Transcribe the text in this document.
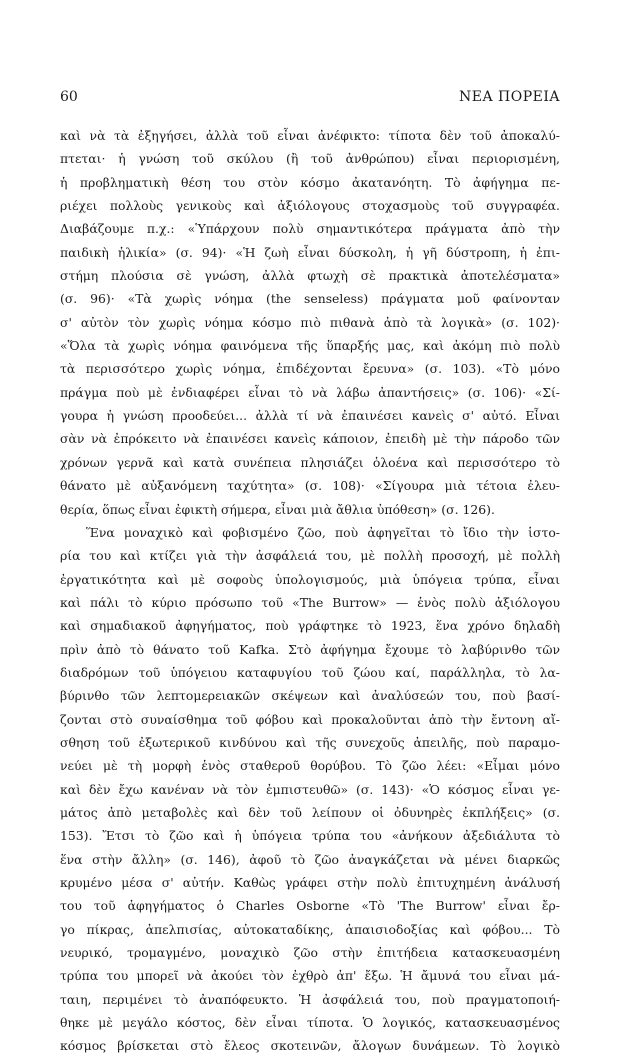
60	ΝΕΑ ΠΟΡΕΙΑ
καὶ νὰ τὰ ἐξηγήσει, ἀλλὰ τοῦ εἶναι ἀνέφικτο: τίποτα δὲν τοῦ ἀποκαλύ-
πτεται· ἡ γνώση τοῦ σκύλου (ἢ τοῦ ἀνθρώπου) εἶναι περιορισμένη,
ἡ προβληματικὴ θέση του στὸν κόσμο ἀκατανόητη. Τὸ ἀφήγημα πε-
ριέχει πολλοὺς γενικοὺς καὶ ἀξιόλογους στοχασμοὺς τοῦ συγγραφέα.
Διαβάζουμε π.χ.: «Ὑπάρχουν πολὺ σημαντικότερα πράγματα ἀπὸ τὴν
παιδικὴ ἡλικία» (σ. 94)· «Ἡ ζωὴ εἶναι δύσκολη, ἡ γῆ δύστροπη, ἡ ἐπι-
στήμη πλούσια σὲ γνώση, ἀλλὰ φτωχὴ σὲ πρακτικὰ ἀποτελέσματα»
(σ. 96)· «Τὰ χωρὶς νόημα (the senseless) πράγματα μοῦ φαίνονταν
σ' αὐτὸν τὸν χωρὶς νόημα κόσμο πιὸ πιθανὰ ἀπὸ τὰ λογικὰ» (σ. 102)·
«Ὅλα τὰ χωρὶς νόημα φαινόμενα τῆς ὕπαρξής μας, καὶ ἀκόμη πιὸ πολὺ
τὰ περισσότερο χωρὶς νόημα, ἐπιδέχονται ἔρευνα» (σ. 103). «Τὸ μόνο
πράγμα ποὺ μὲ ἐνδιαφέρει εἶναι τὸ νὰ λάβω ἀπαντήσεις» (σ. 106)· «Σί-
γουρα ἡ γνώση προοδεύει... ἀλλὰ τί νὰ ἐπαινέσει κανεὶς σ' αὐτό. Εἶναι
σὰν νὰ ἐπρόκειτο νὰ ἐπαινέσει κανεὶς κάποιον, ἐπειδὴ μὲ τὴν πάροδο τῶν
χρόνων γερνᾶ καὶ κατὰ συνέπεια πλησιάζει ὁλοένα καὶ περισσότερο τὸ
θάνατο μὲ αὐξανόμενη ταχύτητα» (σ. 108)· «Σίγουρα μιὰ τέτοια ἐλευ-
θερία, ὅπως εἶναι ἐφικτὴ σήμερα, εἶναι μιὰ ἄθλια ὑπόθεση» (σ. 126).
Ἕνα μοναχικὸ καὶ φοβισμένο ζῶο, ποὺ ἀφηγεῖται τὸ ἴδιο τὴν ἱστο-
ρία του καὶ κτίζει γιὰ τὴν ἀσφάλειά του, μὲ πολλὴ προσοχή, μὲ πολλὴ
ἐργατικότητα καὶ μὲ σοφοὺς ὑπολογισμούς, μιὰ ὑπόγεια τρύπα, εἶναι
καὶ πάλι τὸ κύριο πρόσωπο τοῦ «The Burrow» — ἑνὸς πολὺ ἀξιόλογου
καὶ σημαδιακοῦ ἀφηγήματος, ποὺ γράφτηκε τὸ 1923, ἕνα χρόνο δηλαδὴ
πρὶν ἀπὸ τὸ θάνατο τοῦ Kafka. Στὸ ἀφήγημα ἔχουμε τὸ λαβύρινθο τῶν
διαδρόμων τοῦ ὑπόγειου καταφυγίου τοῦ ζώου καί, παράλληλα, τὸ λα-
βύρινθο τῶν λεπτομερειακῶν σκέψεων καὶ ἀναλύσεών του, ποὺ βασί-
ζονται στὸ συναίσθημα τοῦ φόβου καὶ προκαλοῦνται ἀπὸ τὴν ἔντονη αἴ-
σθηση τοῦ ἐξωτερικοῦ κινδύνου καὶ τῆς συνεχοῦς ἀπειλῆς, ποὺ παραμο-
νεύει μὲ τὴ μορφὴ ἑνὸς σταθεροῦ θορύβου. Τὸ ζῶο λέει: «Εἶμαι μόνο
καὶ δὲν ἔχω κανέναν νὰ τὸν ἐμπιστευθῶ» (σ. 143)· «Ὁ κόσμος εἶναι γε-
μάτος ἀπὸ μεταβολὲς καὶ δὲν τοῦ λείπουν οἱ ὀδυνηρὲς ἐκπλήξεις» (σ.
153). Ἔτσι τὸ ζῶο καὶ ἡ ὑπόγεια τρύπα του «ἀνήκουν ἀξεδιάλυτα τὸ
ἕνα στὴν ἄλλη» (σ. 146), ἀφοῦ τὸ ζῶο ἀναγκάζεται νὰ μένει διαρκῶς
κρυμένο μέσα σ' αὐτήν. Καθὼς γράφει στὴν πολὺ ἐπιτυχημένη ἀνάλυσή
του τοῦ ἀφηγήματος ὁ Charles Osborne «Τὸ 'The Burrow' εἶναι ἔρ-
γο πίκρας, ἀπελπισίας, αὐτοκαταδίκης, ἀπαισιοδοξίας καὶ φόβου... Τὸ
νευρικό, τρομαγμένο, μοναχικὸ ζῶο στὴν ἐπιτήδεια κατασκευασμένη
τρύπα του μπορεῖ νὰ ἀκούει τὸν ἐχθρὸ ἀπ' ἔξω. Ἡ ἄμυνά του εἶναι μά-
ταιη, περιμένει τὸ ἀναπόφευκτο. Ἡ ἀσφάλειά του, ποὺ πραγματοποιή-
θηκε μὲ μεγάλο κόστος, δὲν εἶναι τίποτα. Ὁ λογικός, κατασκευασμένος
κόσμος βρίσκεται στὸ ἔλεος σκοτεινῶν, ἄλογων δυνάμεων. Τὸ λογικὸ
